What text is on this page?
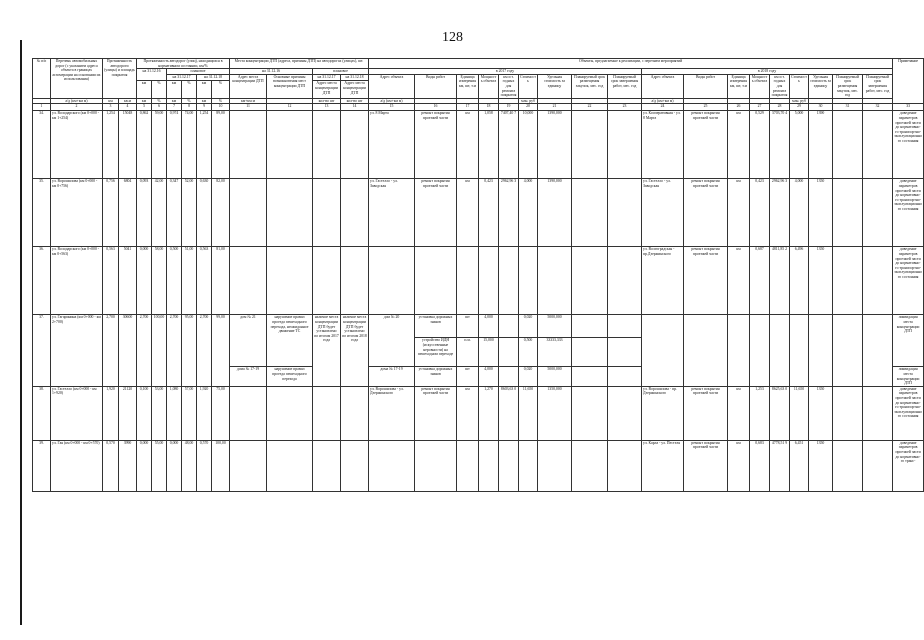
128
№ п/п	Перечень автомобильных дорог (с указанием адреса объекта в границах агломерации на основании их использования)	Протяженность автодороги (улицы) и площадь покрытия		Протяженность автодорог (улиц), находящихся в нормативном состоянии, км/%						Места концентрации ДТП (адреса, причины ДТП) на автодорогах (улицах), шт.				Объекты, предлагаемые к реализации, с перечнем мероприятий																		Примечание
				на 31.12.16		плановое				на 31.12.16		плановое		в 2017 году									в 2018 году									
						на 31.12.17		на 31.12.18		Адрес места концентрации ДТП	Основные причины возникновения мест концентрации ДТП	на 31.12.17	на 31.12.18	Адрес объекта	Виды работ	Единица измерения км, шт, т.м	Мощность объекта	км и т. годных для ремонта покрытия	Стоимость	Удельная стоимость за единицу	Планируемый срок размещения закупок, мес. год	Планируемый срок завершения работ, мес. год	Адрес объекта	Виды работ	Единица измерения км, шт, т.м	Мощность объекта	км и т. годных для ремонта покрытия	Стоимость	Удельная стоимость за единицу	Планируемый срок размещения закупок, мес. год	Планируемый срок завершения работ, мес. год	
				км	%	км	%	км	%			Адрес места концентрации ДТП	Адрес места концентрации ДТП																			
	а/д (км+км м)	км	кв.м	км	%	км	%	км	%	км+км м		кол-во шт	кол-во шт	а/д (км+км м)					млн. руб				а/д (км+км м)					млн. руб				
1	2	3	4	5	6	7	8	9	10	11	12	13	14	15	16	17	18	19	20	21	22	23	24	25	26	27	28	29	30	31	32	33
34.	ул. Володарского (км 0+000 - км 1+254)	1,254	15048	0,862	59,00	0,974	74,00	1,254	89,00					ул. 8 Марта	ремонт покрытия проезжей части	км	1,058	7407,40 7	10,000	1390,000			ул. Кооперативная - ул. 8 Марта	ремонт покрытия проезжей части	км	0,529	3703,70 4	5,000	1390			доведение параметров проезжей части до нормативно-го транспортно-эксплуатационного состояния
35.	ул. Ворошилова (км 0+000 - км 0+756)	0,756	6804	0,093	42,00	0,347	52,00	0,630	82,00					ул. Гастелло - ул. Заводская	ремонт покрытия проезжей части	км	0,423	2962,96 3	4,000	1390,000			ул. Гастелло - ул. Заводская	ремонт покрытия проезжей части	км	0,423	2962,96 3	4,000	1350			доведение параметров проезжей части до нормативно-го транспортно-эксплуатационного состояния
36.	ул. Володарского (км 0+000 - км 0+563)	0,563	5041	0,000	58,00	0,500	51,00	0,563	81,00														ул. Волгоградская - пр.Дзержинского	ремонт покрытия проезжей части	км	0,687	4811,85 2	6,496	1350			доведение параметров проезжей части до нормативно-го транспортно-эксплуатационного состояния
37.	ул. Гагаринина (км 0+000 - км 2+700)	2,700	30600	2,700	100,00	2,700	95,00	2,700	99,00	дом № 21	нарушение правил проезда пешеходного перехода, неожиданное движение ТС	наличие места концентрации ДТП будет установлено по итогам 2017 года	наличие места концентрации ДТП будет установлено по итогам 2018 года	дом № 20	установка дорожных знаков	шт	4,000		0,020	5000,000												ликвидация места концентрации ДТП
															устройство ИДН (искусственные неровности) на пешеходном переходе	п.м.	15,000		0,500	33333,333												
										дома № 17-19	нарушение правил проезда пешеходного перехода			дома № 17-19	установка дорожных знаков	шт	4,000		0,020	5000,000												ликвидация места концентрации ДТП
38.	ул. Гастелло (км 0+000 - км 1+920)	1,920	21120	0,100	53,00	1,080	57,00	1,920	75,00					ул. Ворошилова - ул. Дзержинского	ремонт покрытия проезжей части	км	1,270	8603,63 0	11,650	1350,000			ул. Ворошилова - пр. Дзержинского	ремонт покрытия проезжей части	км	1,253	8625,63 0	11,650	1350			доведение параметров проезжей части до нормативно-го транспортно-эксплуатационного состояния
39.	ул. Гая (км 0+000 - км 0+570)	0,570	3990	0,000	55,00	0,000	48,00	0,570	100,00														ул. Карла - ул. Пестеля	ремонт покрытия проезжей части	км	0,683	4778,51 9	6,451	1350			доведение параметров проезжей части до нормативно-го транс-
